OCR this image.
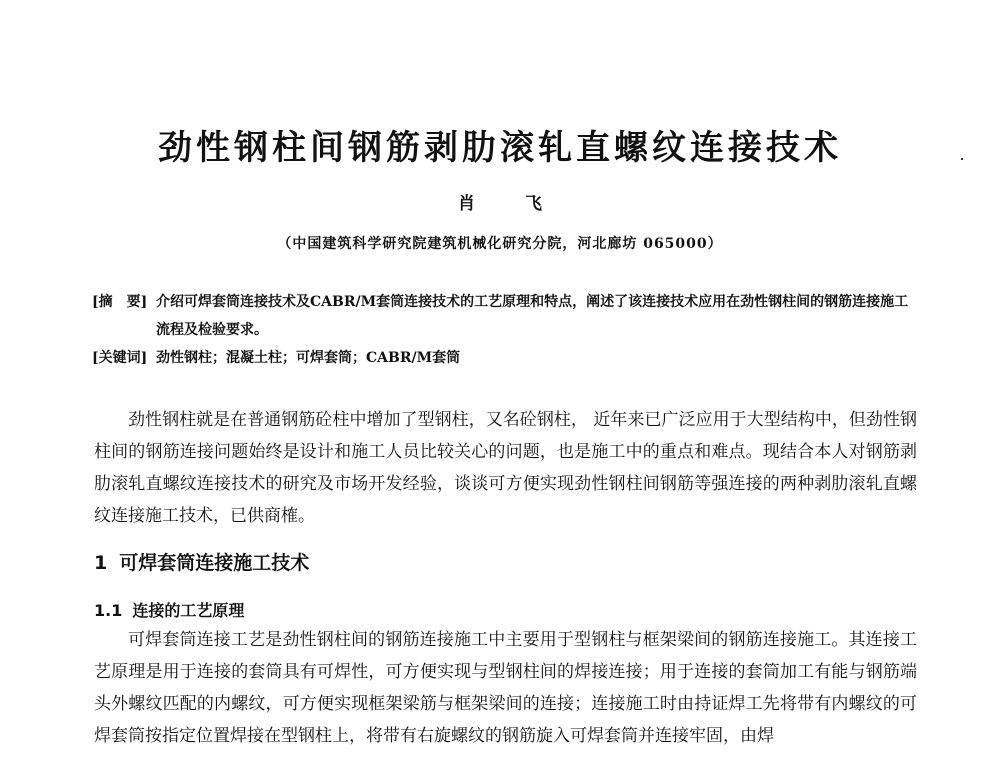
劲性钢柱间钢筋剥肋滚轧直螺纹连接技术
肖 飞
（中国建筑科学研究院建筑机械化研究分院，河北廊坊 065000）
[摘　要] 介绍可焊套筒连接技术及CABR/M套筒连接技术的工艺原理和特点，阐述了该连接技术应用在劲性钢柱间的钢筋连接施工流程及检验要求。
[关键词] 劲性钢柱；混凝土柱；可焊套筒；CABR/M套筒
劲性钢柱就是在普通钢筋砼柱中增加了型钢柱，又名砼钢柱， 近年来已广泛应用于大型结构中，但劲性钢柱间的钢筋连接问题始终是设计和施工人员比较关心的问题，也是施工中的重点和难点。现结合本人对钢筋剥肋滚轧直螺纹连接技术的研究及市场开发经验，谈谈可方便实现劲性钢柱间钢筋等强连接的两种剥肋滚轧直螺纹连接施工技术，已供商榷。
1 可焊套筒连接施工技术
1.1 连接的工艺原理
可焊套筒连接工艺是劲性钢柱间的钢筋连接施工中主要用于型钢柱与框架梁间的钢筋连接施工。其连接工艺原理是用于连接的套筒具有可焊性，可方便实现与型钢柱间的焊接连接；用于连接的套筒加工有能与钢筋端头外螺纹匹配的内螺纹，可方便实现框架梁筋与框架梁间的连接；连接施工时由持证焊工先将带有内螺纹的可焊套筒按指定位置焊接在型钢柱上，将带有右旋螺纹的钢筋旋入可焊套筒并连接牢固，由焊
